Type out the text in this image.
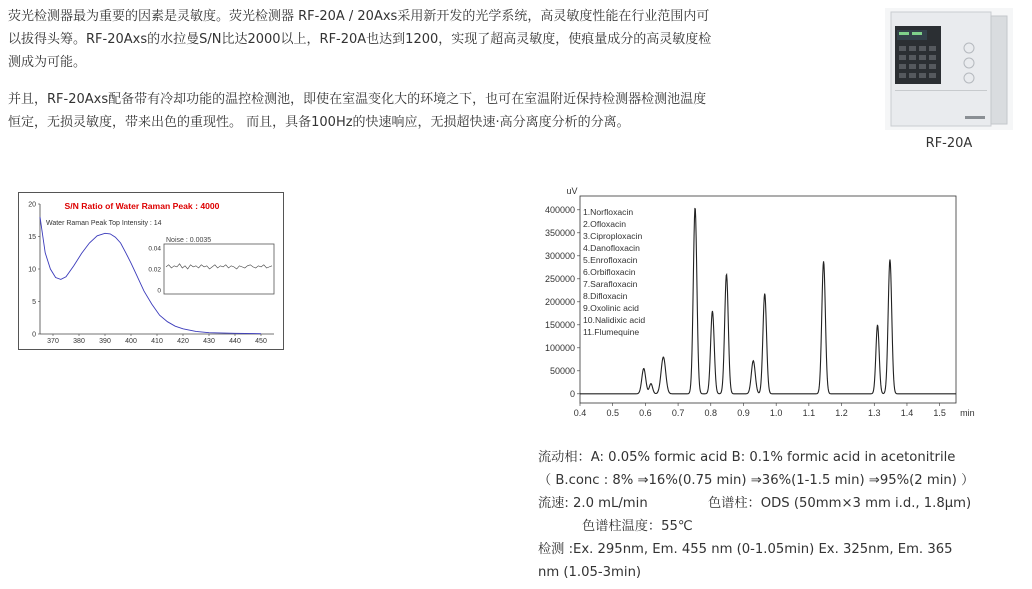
荧光检测器最为重要的因素是灵敏度。荧光检测器 RF-20A / 20Axs采用新开发的光学系统，高灵敏度性能在行业范围内可
以拔得头筹。RF-20Axs的水拉曼S/N比达2000以上，RF-20A也达到1200，实现了超高灵敏度，使痕量成分的高灵敏度检
测成为可能。
并且，RF-20Axs配备带有冷却功能的温控检测池，即使在室温变化大的环境之下，也可在室温附近保持检测器检测池温度
恒定，无损灵敏度，带来出色的重现性。 而且，具备100Hz的快速响应，无损超快速·高分离度分析的分离。
RF-20A
S/N Ratio of Water Raman Peak : 4000
Water Raman Peak Top Intensity : 14
370 380 390 400 410 420 430 440 450
0
5
10
15
20
Noise : 0.0035
0.04
0.02
0
uV
0
50000
100000
150000
200000
250000
300000
350000
400000
0.4 0.5 0.6 0.7 0.8 0.9 1.0 1.1 1.2 1.3 1.4 1.5 min
1.Norfloxacin
2.Ofloxacin
3.Ciproploxacin
4.Danofloxacin
5.Enrofloxacin
6.Orbifloxacin
7.Sarafloxacin
8.Difloxacin
9.Oxolinic acid
10.Nalidixic acid
11.Flumequine
流动相：A: 0.05% formic acid B: 0.1% formic acid in acetonitrile
（ B.conc : 8% ⇒16%(0.75 min) ⇒36%(1-1.5 min) ⇒95%(2 min) ）
流速: 2.0 mL/min	色谱柱：ODS (50mm×3 mm i.d., 1.8μm)
色谱柱温度：55℃
检测 :Ex. 295nm, Em. 455 nm (0-1.05min) Ex. 325nm, Em. 365
nm (1.05-3min)
